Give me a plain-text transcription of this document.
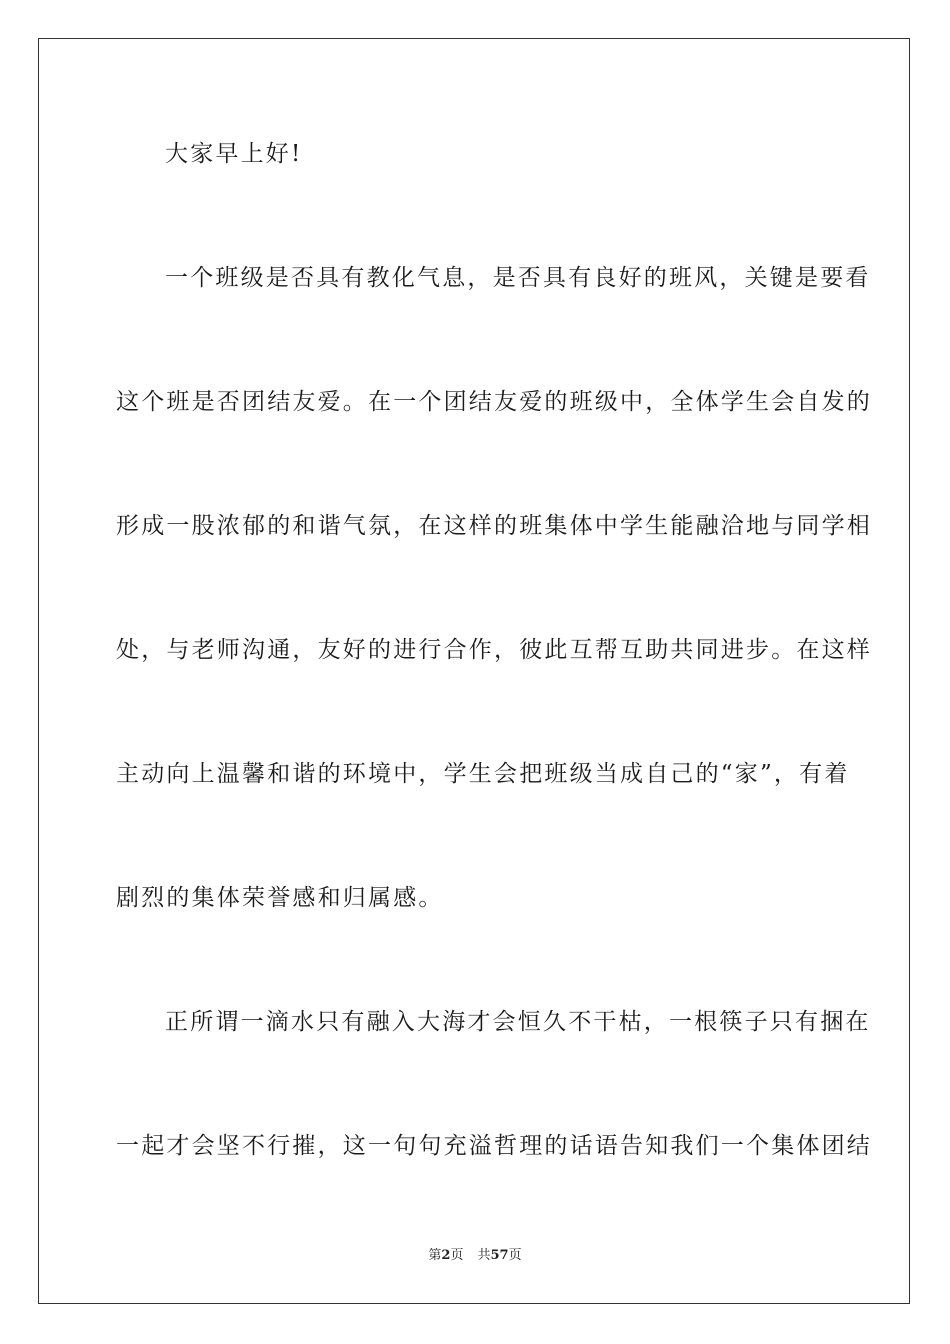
大家早上好!
一个班级是否具有教化气息，是否具有良好的班风，关键是要看
这个班是否团结友爱。在一个团结友爱的班级中，全体学生会自发的
形成一股浓郁的和谐气氛，在这样的班集体中学生能融洽地与同学相
处，与老师沟通，友好的进行合作，彼此互帮互助共同进步。在这样
主动向上温馨和谐的环境中，学生会把班级当成自己的“家”，有着
剧烈的集体荣誉感和归属感。
正所谓一滴水只有融入大海才会恒久不干枯，一根筷子只有捆在
一起才会坚不行摧，这一句句充溢哲理的话语告知我们一个集体团结
第2页 共57页
